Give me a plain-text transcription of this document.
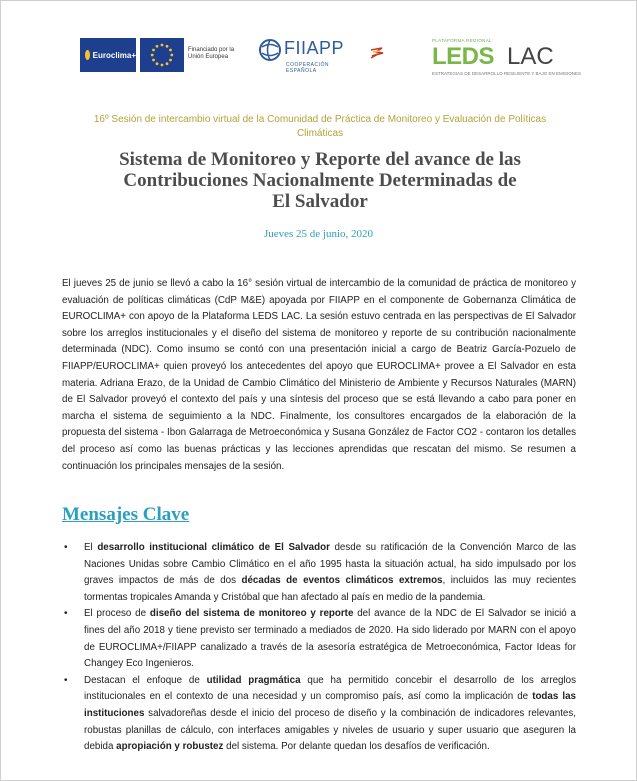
Euroclima+
Financiado por la Unión Europea	FIIAPP
COOPERACIÓN ESPAÑOLA
PLATAFORMA REGIONAL
LEDS LAC
ESTRATEGIAS DE DESARROLLO RESILIENTE Y BAJO EN EMISIONES
16º Sesión de intercambio virtual de la Comunidad de Práctica de Monitoreo y Evaluación de Políticas Climáticas
Sistema de Monitoreo y Reporte del avance de las
Contribuciones Nacionalmente Determinadas de
El Salvador
Jueves 25 de junio, 2020
El jueves 25 de junio se llevó a cabo la 16° sesión virtual de intercambio de la comunidad de práctica de monitoreo y evaluación de políticas climáticas (CdP M&E) apoyada por FIIAPP en el componente de Gobernanza Climática de EUROCLIMA+ con apoyo de la Plataforma LEDS LAC. La sesión estuvo centrada en las perspectivas de El Salvador sobre los arreglos institucionales y el diseño del sistema de monitoreo y reporte de su contribución nacionalmente determinada (NDC). Como insumo se contó con una presentación inicial a cargo de Beatriz García-Pozuelo de FIIAPP/EUROCLIMA+ quien proveyó los antecedentes del apoyo que EUROCLIMA+ provee a El Salvador en esta materia. Adriana Erazo, de la Unidad de Cambio Climático del Ministerio de Ambiente y Recursos Naturales (MARN) de El Salvador proveyó el contexto del país y una síntesis del proceso que se está llevando a cabo para poner en marcha el sistema de seguimiento a la NDC. Finalmente, los consultores encargados de la elaboración de la propuesta del sistema - Ibon Galarraga de Metroeconómica y Susana González de Factor CO2 - contaron los detalles del proceso así como las buenas prácticas y las lecciones aprendidas que rescatan del mismo. Se resumen a continuación los principales mensajes de la sesión.
Mensajes Clave
• El desarrollo institucional climático de El Salvador desde su ratificación de la Convención Marco de las Naciones Unidas sobre Cambio Climático en el año 1995 hasta la situación actual, ha sido impulsado por los graves impactos de más de dos décadas de eventos climáticos extremos, incluidos las muy recientes tormentas tropicales Amanda y Cristóbal que han afectado al país en medio de la pandemia.
• El proceso de diseño del sistema de monitoreo y reporte del avance de la NDC de El Salvador se inició a fines del año 2018 y tiene previsto ser terminado a mediados de 2020. Ha sido liderado por MARN con el apoyo de EUROCLIMA+/FIIAPP canalizado a través de la asesoría estratégica de Metroeconómica, Factor Ideas for Changey Eco Ingenieros.
• Destacan el enfoque de utilidad pragmática que ha permitido concebir el desarrollo de los arreglos institucionales en el contexto de una necesidad y un compromiso país, así como la implicación de todas las instituciones salvadoreñas desde el inicio del proceso de diseño y la combinación de indicadores relevantes, robustas planillas de cálculo, con interfaces amigables y niveles de usuario y super usuario que aseguren la debida apropiación y robustez del sistema. Por delante quedan los desafíos de verificación.
